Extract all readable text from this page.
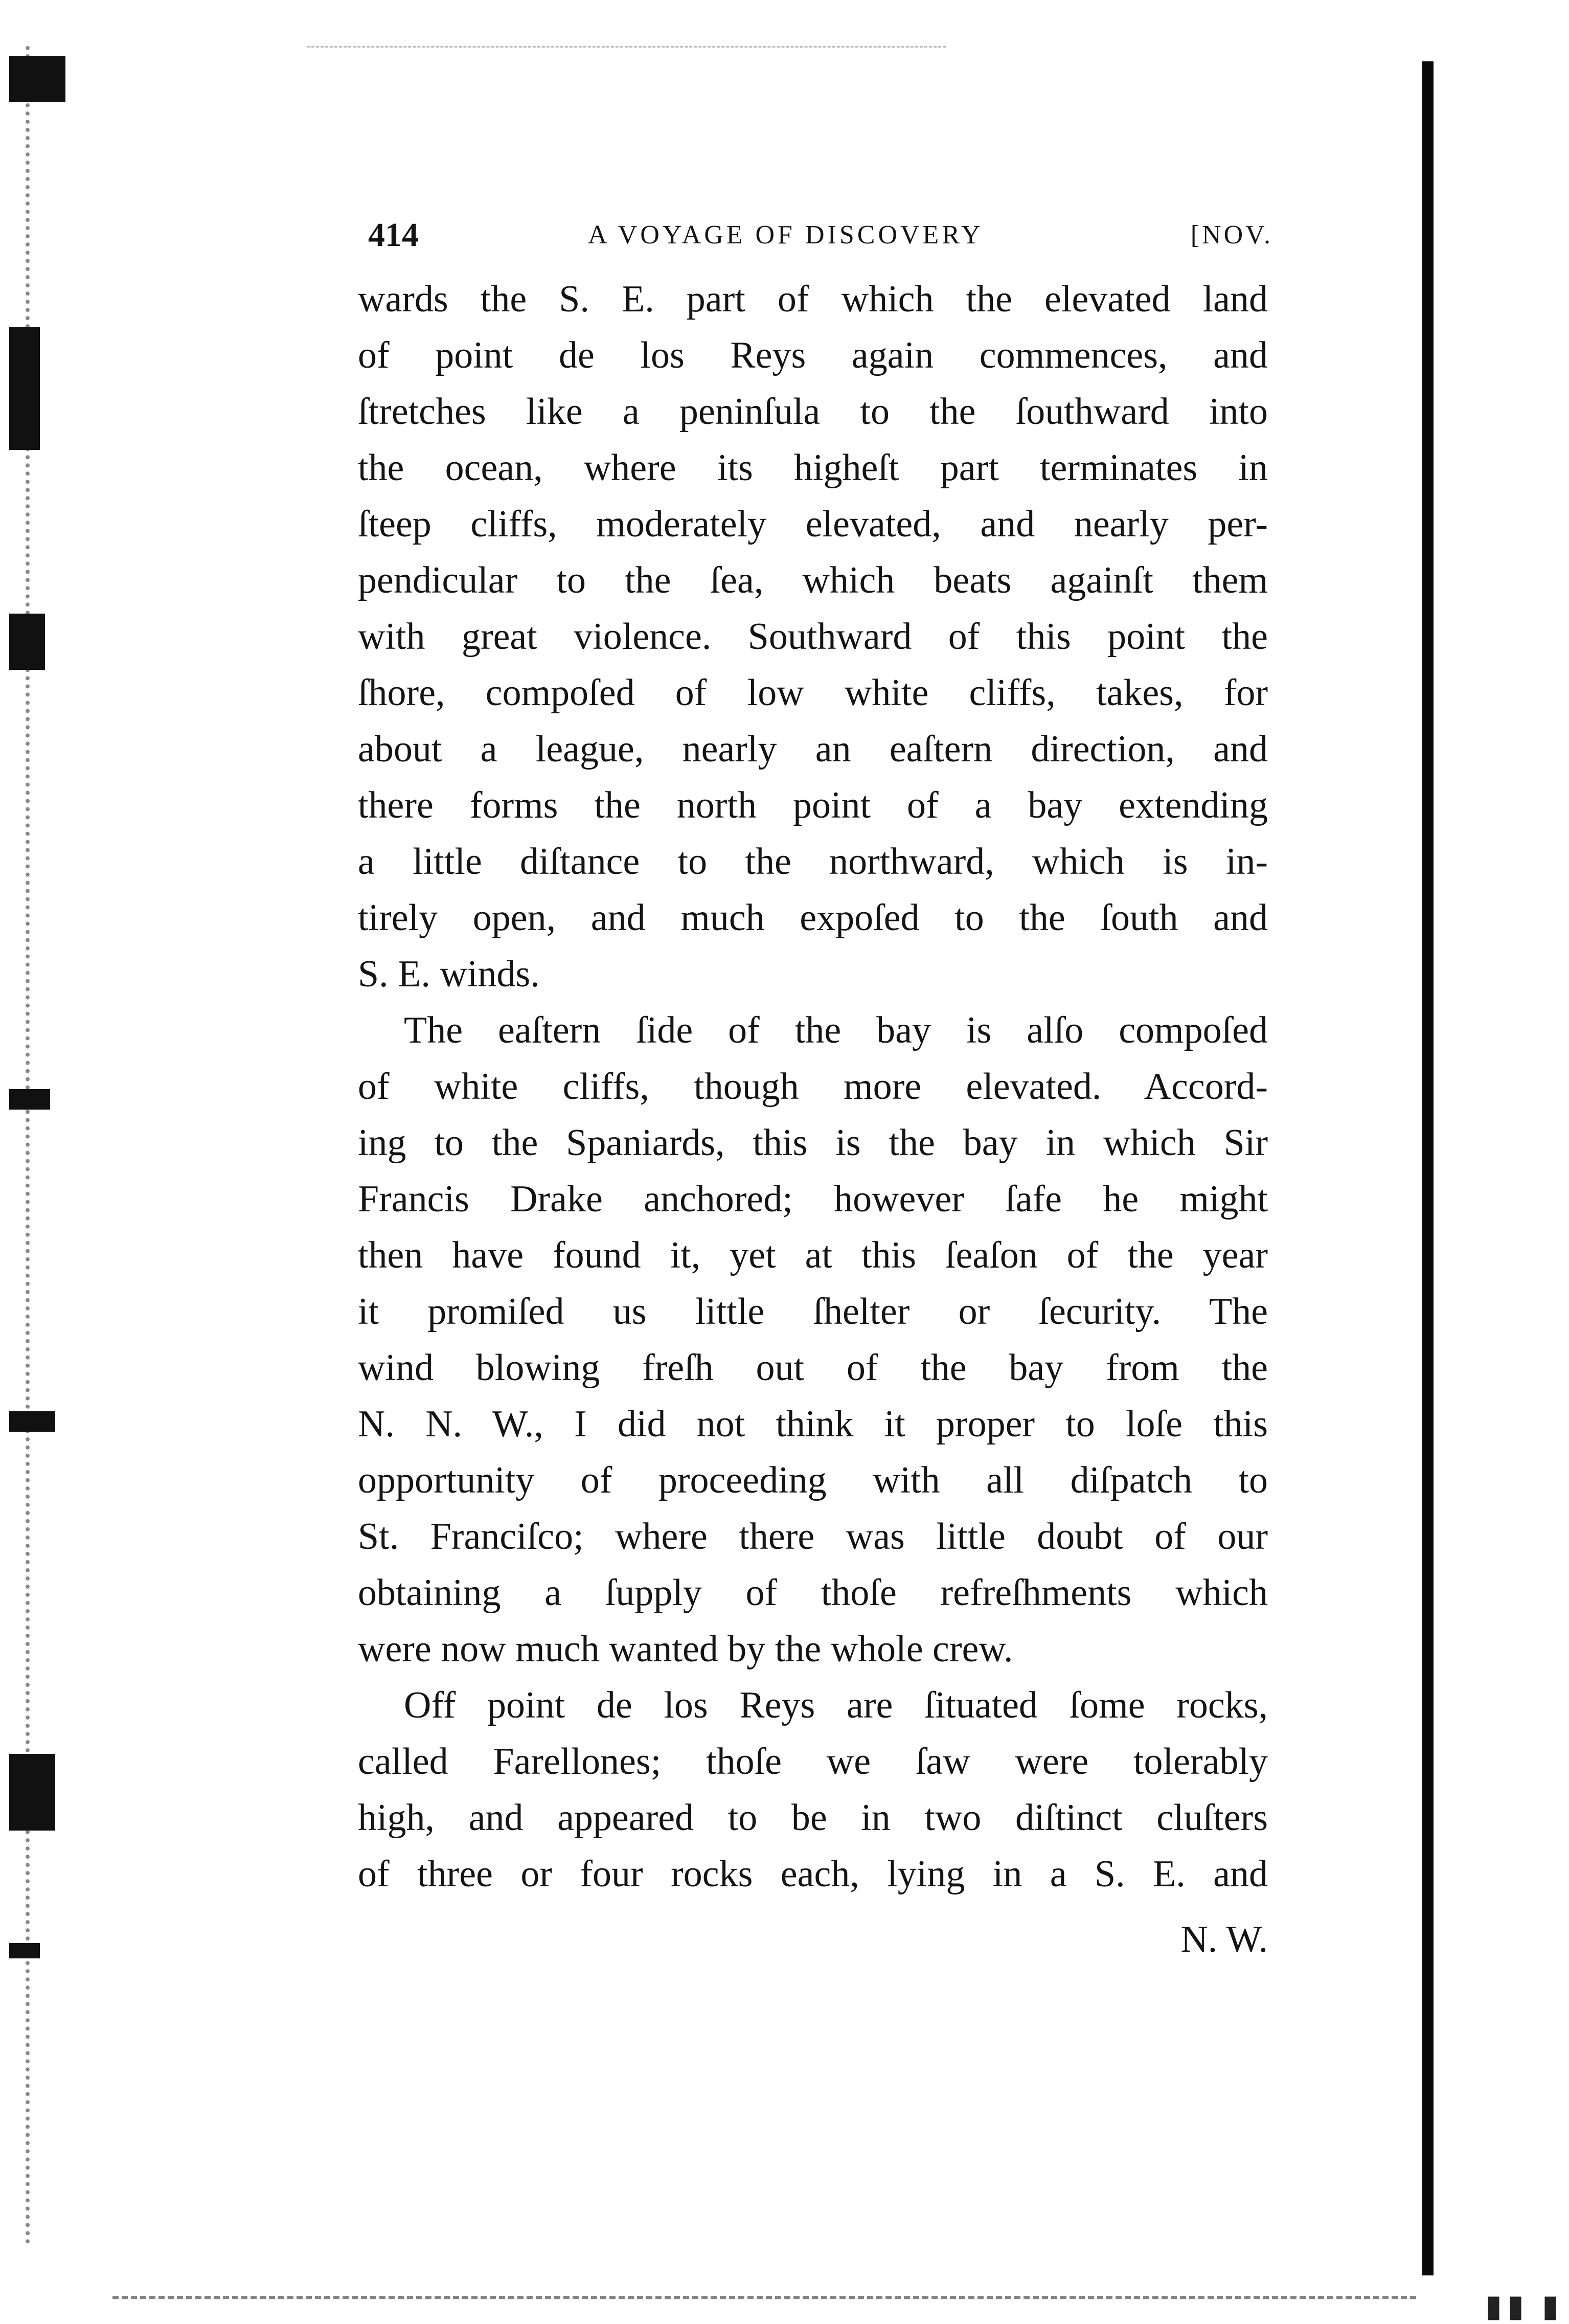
▮▮ ▮
414	A VOYAGE OF DISCOVERY	[NOV.
wards the S. E. part of which the elevated land
of point de los Reys again commences, and
ſtretches like a peninſula to the ſouthward into
the ocean, where its higheſt part terminates in
ſteep cliffs, moderately elevated, and nearly per-
pendicular to the ſea, which beats againſt them
with great violence. Southward of this point the
ſhore, compoſed of low white cliffs, takes, for
about a league, nearly an eaſtern direction, and
there forms the north point of a bay extending
a little diſtance to the northward, which is in-
tirely open, and much expoſed to the ſouth and
S. E. winds.
The eaſtern ſide of the bay is alſo compoſed
of white cliffs, though more elevated. Accord-
ing to the Spaniards, this is the bay in which Sir
Francis Drake anchored; however ſafe he might
then have found it, yet at this ſeaſon of the year
it promiſed us little ſhelter or ſecurity. The
wind blowing freſh out of the bay from the
N. N. W., I did not think it proper to loſe this
opportunity of proceeding with all diſpatch to
St. Franciſco; where there was little doubt of our
obtaining a ſupply of thoſe refreſhments which
were now much wanted by the whole crew.
Off point de los Reys are ſituated ſome rocks,
called Farellones; thoſe we ſaw were tolerably
high, and appeared to be in two diſtinct cluſters
of three or four rocks each, lying in a S. E. and
N. W.
